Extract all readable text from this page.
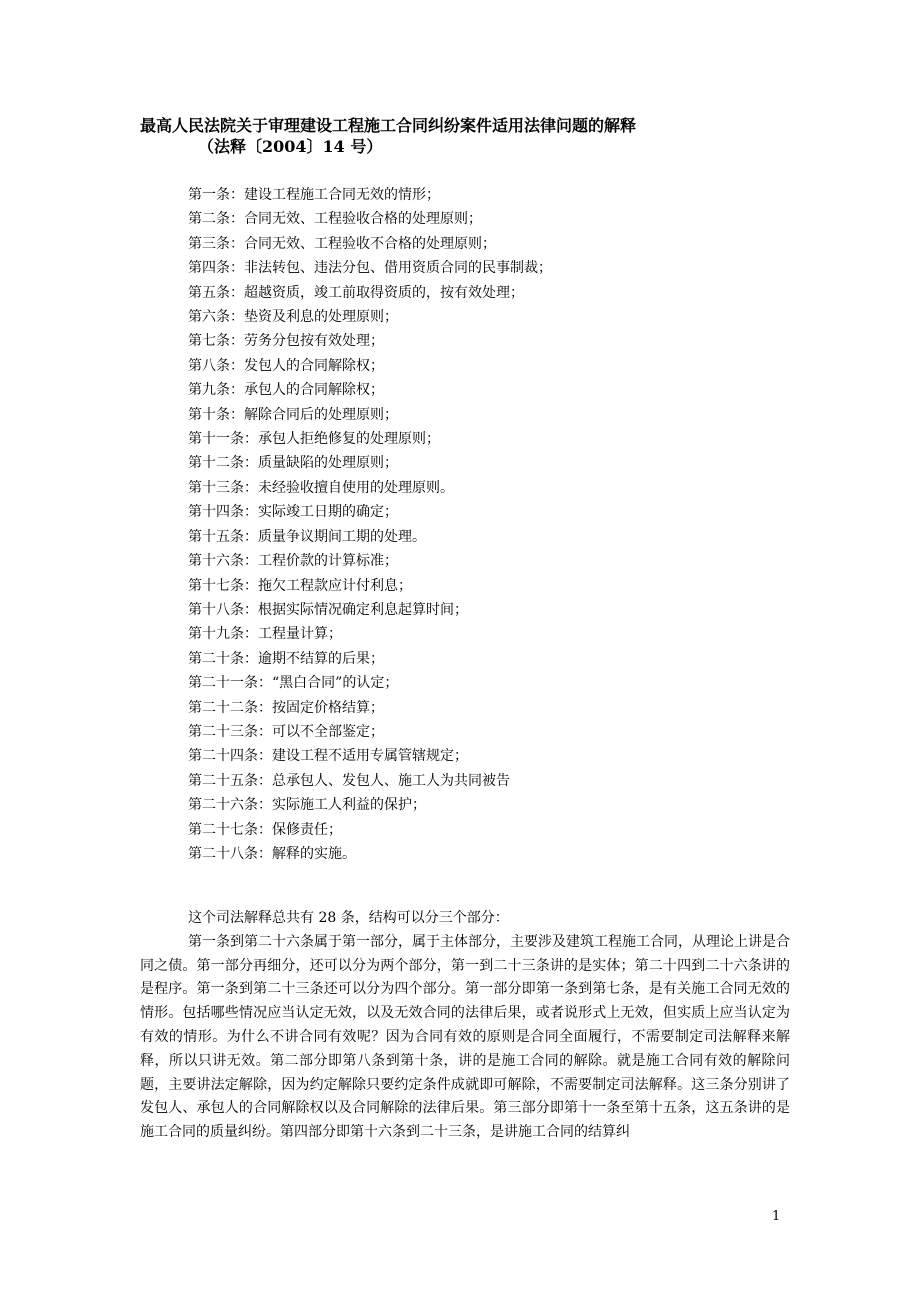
最高人民法院关于审理建设工程施工合同纠纷案件适用法律问题的解释
（法释〔2004〕14 号）
第一条：建设工程施工合同无效的情形；
第二条：合同无效、工程验收合格的处理原则；
第三条：合同无效、工程验收不合格的处理原则；
第四条：非法转包、违法分包、借用资质合同的民事制裁；
第五条：超越资质，竣工前取得资质的，按有效处理；
第六条：垫资及利息的处理原则；
第七条：劳务分包按有效处理；
第八条：发包人的合同解除权；
第九条：承包人的合同解除权；
第十条：解除合同后的处理原则；
第十一条：承包人拒绝修复的处理原则；
第十二条：质量缺陷的处理原则；
第十三条：未经验收擅自使用的处理原则。
第十四条：实际竣工日期的确定；
第十五条：质量争议期间工期的处理。
第十六条：工程价款的计算标准；
第十七条：拖欠工程款应计付利息；
第十八条：根据实际情况确定利息起算时间；
第十九条：工程量计算；
第二十条：逾期不结算的后果；
第二十一条：“黑白合同”的认定；
第二十二条：按固定价格结算；
第二十三条：可以不全部鉴定；
第二十四条：建设工程不适用专属管辖规定；
第二十五条：总承包人、发包人、施工人为共同被告
第二十六条：实际施工人利益的保护；
第二十七条：保修责任；
第二十八条：解释的实施。

这个司法解释总共有 28 条，结构可以分三个部分：

第一条到第二十六条属于第一部分，属于主体部分，主要涉及建筑工程施工合同，从理论上讲是合同之债。第一部分再细分，还可以分为两个部分，第一到二十三条讲的是实体；第二十四到二十六条讲的是程序。第一条到第二十三条还可以分为四个部分。第一部分即第一条到第七条，是有关施工合同无效的情形。包括哪些情况应当认定无效，以及无效合同的法律后果，或者说形式上无效，但实质上应当认定为有效的情形。为什么不讲合同有效呢？因为合同有效的原则是合同全面履行，不需要制定司法解释来解释，所以只讲无效。第二部分即第八条到第十条，讲的是施工合同的解除。就是施工合同有效的解除问题，主要讲法定解除，因为约定解除只要约定条件成就即可解除，不需要制定司法解释。这三条分别讲了发包人、承包人的合同解除权以及合同解除的法律后果。第三部分即第十一条至第十五条，这五条讲的是施工合同的质量纠纷。第四部分即第十六条到二十三条，是讲施工合同的结算纠

1
